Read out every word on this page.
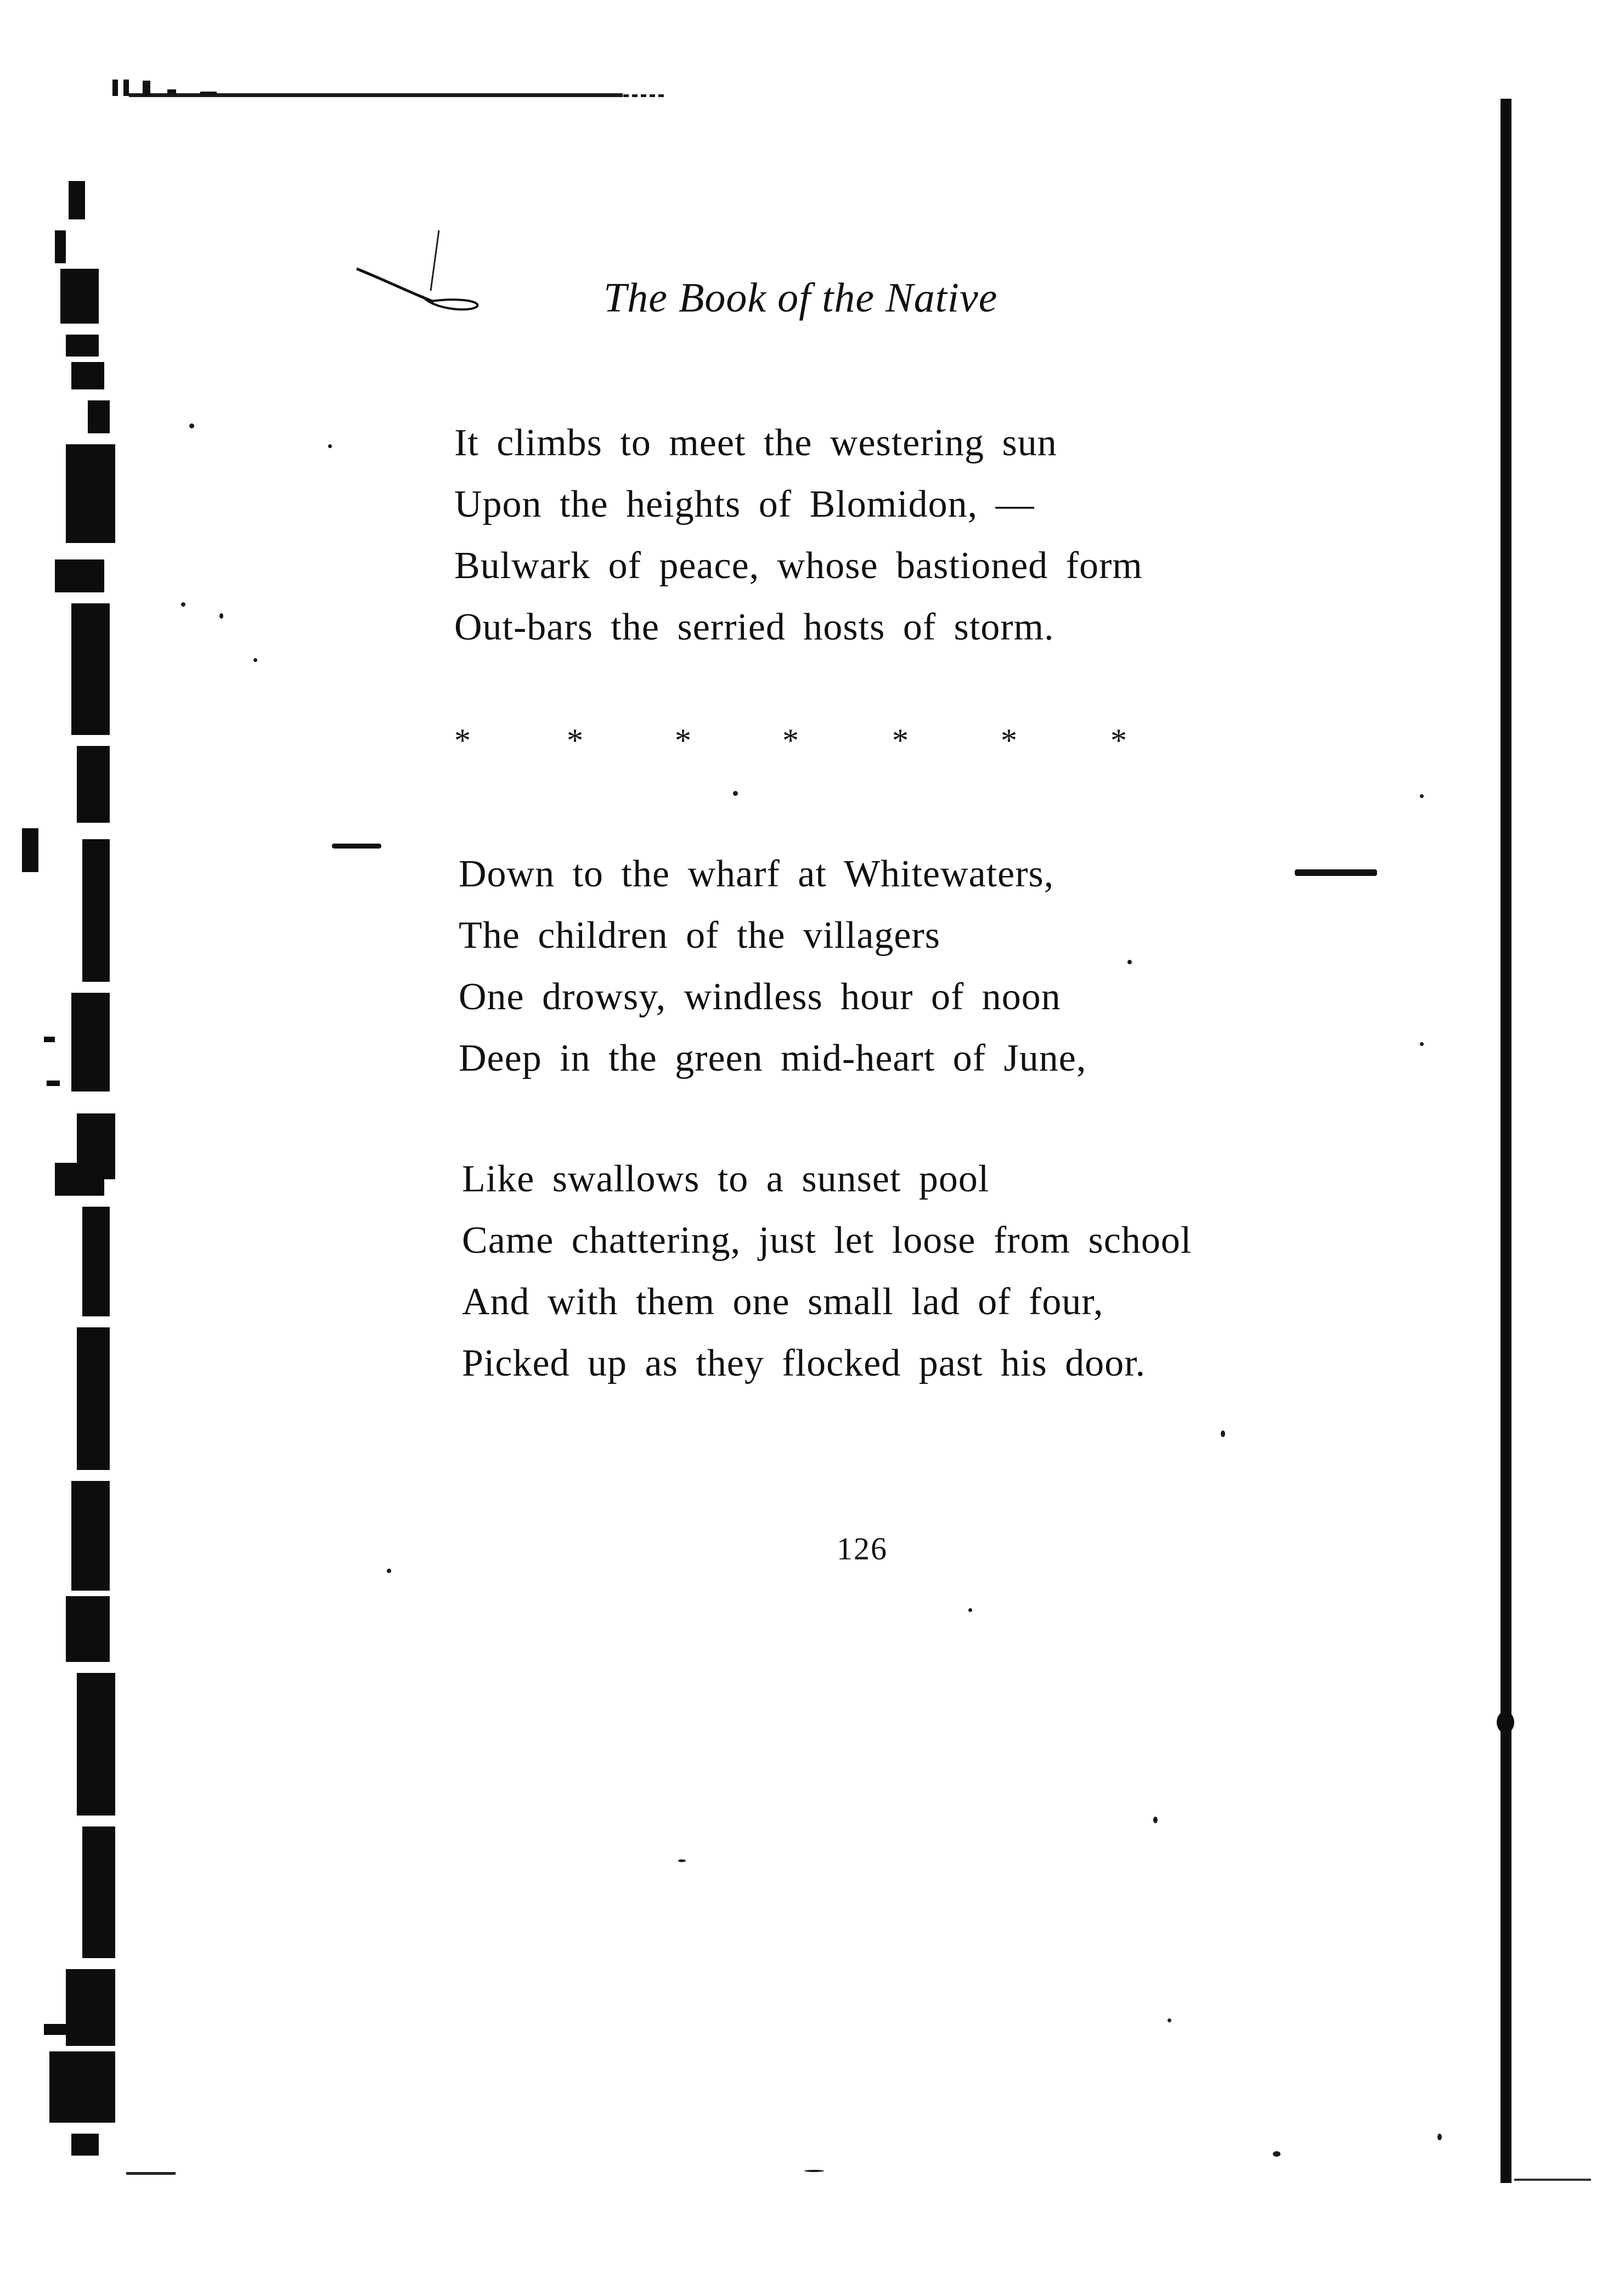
The Book of the Native
It climbs to meet the westering sun
Upon the heights of Blomidon, —
Bulwark of peace, whose bastioned form
Out-bars the serried hosts of storm.
*	*	*	*	*	*	*
Down to the wharf at Whitewaters,
The children of the villagers
One drowsy, windless hour of noon
Deep in the green mid-heart of June,
Like swallows to a sunset pool
Came chattering, just let loose from school
And with them one small lad of four,
Picked up as they flocked past his door.
126
